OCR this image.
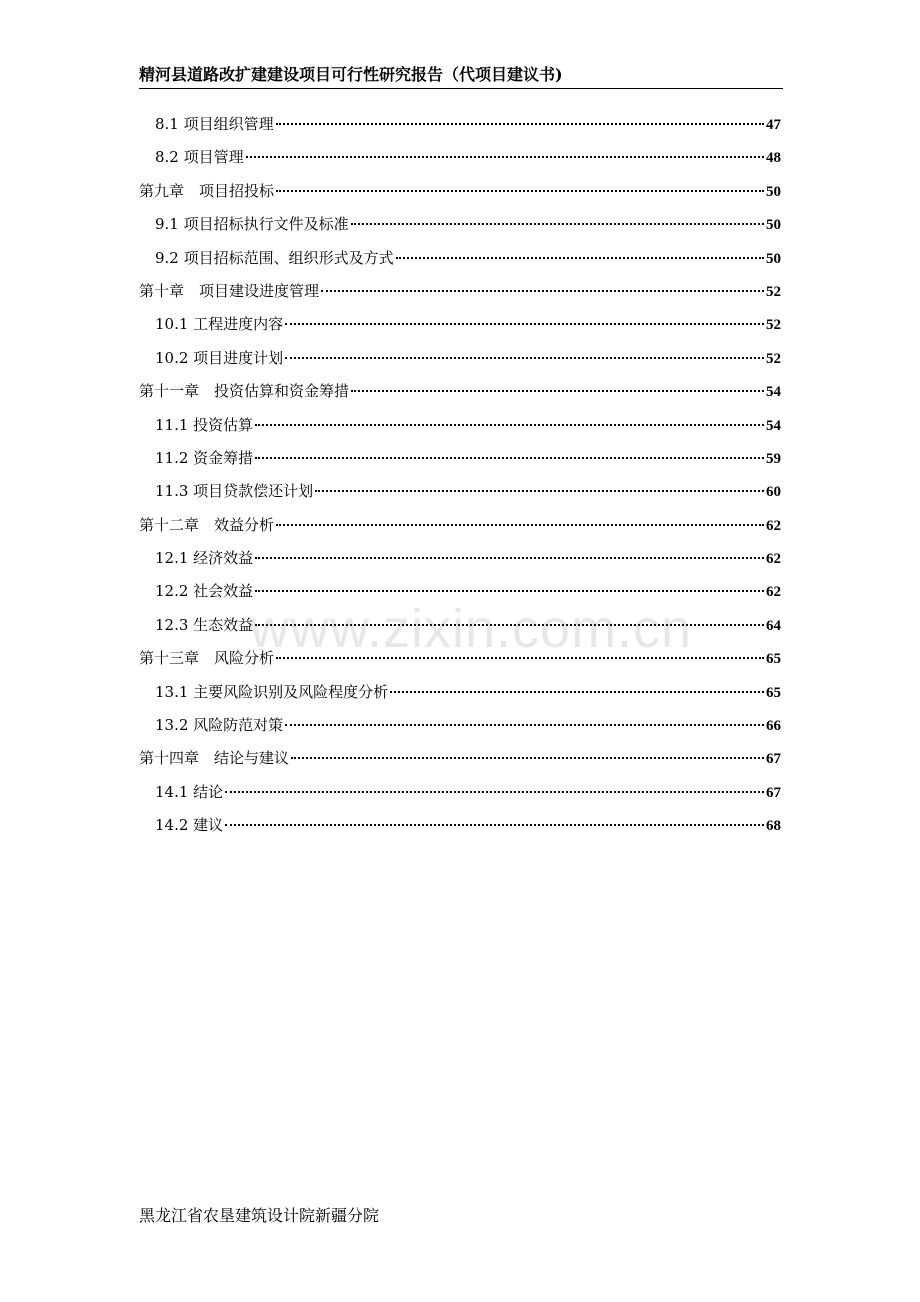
精河县道路改扩建建设项目可行性研究报告（代项目建议书)
8.1 项目组织管理	47
8.2 项目管理	48
第九章　项目招投标	50
9.1 项目招标执行文件及标准	50
9.2 项目招标范围、组织形式及方式	50
第十章　项目建设进度管理	52
10.1 工程进度内容	52
10.2 项目进度计划	52
第十一章　投资估算和资金筹措	54
11.1 投资估算	54
11.2 资金筹措	59
11.3 项目贷款偿还计划	60
第十二章　效益分析	62
12.1 经济效益	62
12.2 社会效益	62
12.3 生态效益	64
第十三章　风险分析	65
13.1 主要风险识别及风险程度分析	65
13.2 风险防范对策	66
第十四章　结论与建议	67
14.1 结论	67
14.2 建议	68
www.zixin.com.cn
黑龙江省农垦建筑设计院新疆分院
